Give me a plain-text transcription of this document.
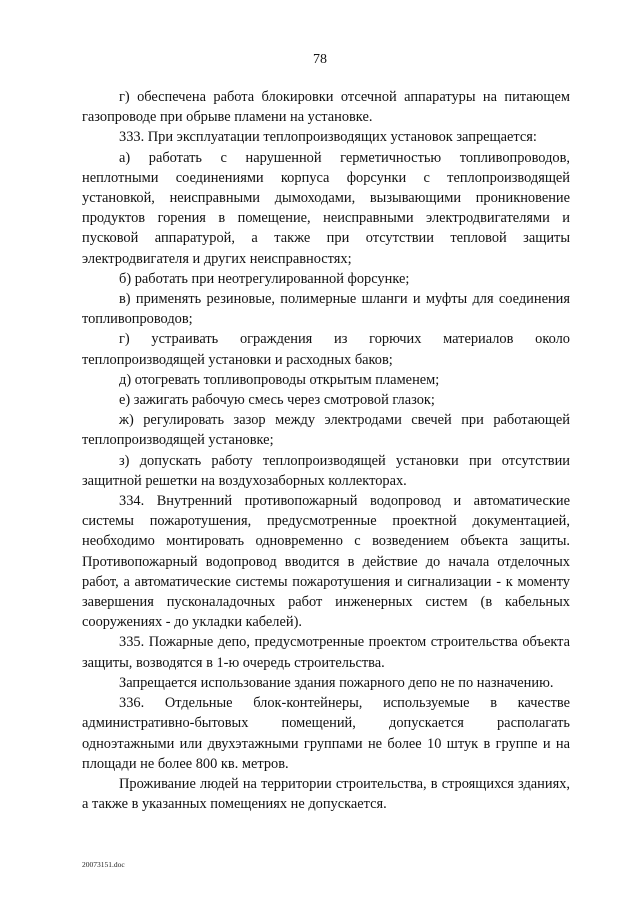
78

г) обеспечена работа блокировки отсечной аппаратуры на питающем газопроводе при обрыве пламени на установке.

333. При эксплуатации теплопроизводящих установок запрещается:

а) работать с нарушенной герметичностью топливопроводов, неплотными соединениями корпуса форсунки с теплопроизводящей установкой, неисправными дымоходами, вызывающими проникновение продуктов горения в помещение, неисправными электродвигателями и пусковой аппаратурой, а также при отсутствии тепловой защиты электродвигателя и других неисправностях;

б) работать при неотрегулированной форсунке;

в) применять резиновые, полимерные шланги и муфты для соединения топливопроводов;

г) устраивать ограждения из горючих материалов около теплопроизводящей установки и расходных баков;

д) отогревать топливопроводы открытым пламенем;

е) зажигать рабочую смесь через смотровой глазок;

ж) регулировать зазор между электродами свечей при работающей теплопроизводящей установке;

з) допускать работу теплопроизводящей установки при отсутствии защитной решетки на воздухозаборных коллекторах.

334. Внутренний противопожарный водопровод и автоматические системы пожаротушения, предусмотренные проектной документацией, необходимо монтировать одновременно с возведением объекта защиты. Противопожарный водопровод вводится в действие до начала отделочных работ, а автоматические системы пожаротушения и сигнализации - к моменту завершения пусконаладочных работ инженерных систем (в кабельных сооружениях - до укладки кабелей).

335. Пожарные депо, предусмотренные проектом строительства объекта защиты, возводятся в 1-ю очередь строительства.

Запрещается использование здания пожарного депо не по назначению.

336. Отдельные блок-контейнеры, используемые в качестве административно-бытовых помещений, допускается располагать одноэтажными или двухэтажными группами не более 10 штук в группе и на площади не более 800 кв. метров.

Проживание людей на территории строительства, в строящихся зданиях, а также в указанных помещениях не допускается.

20073151.doc
